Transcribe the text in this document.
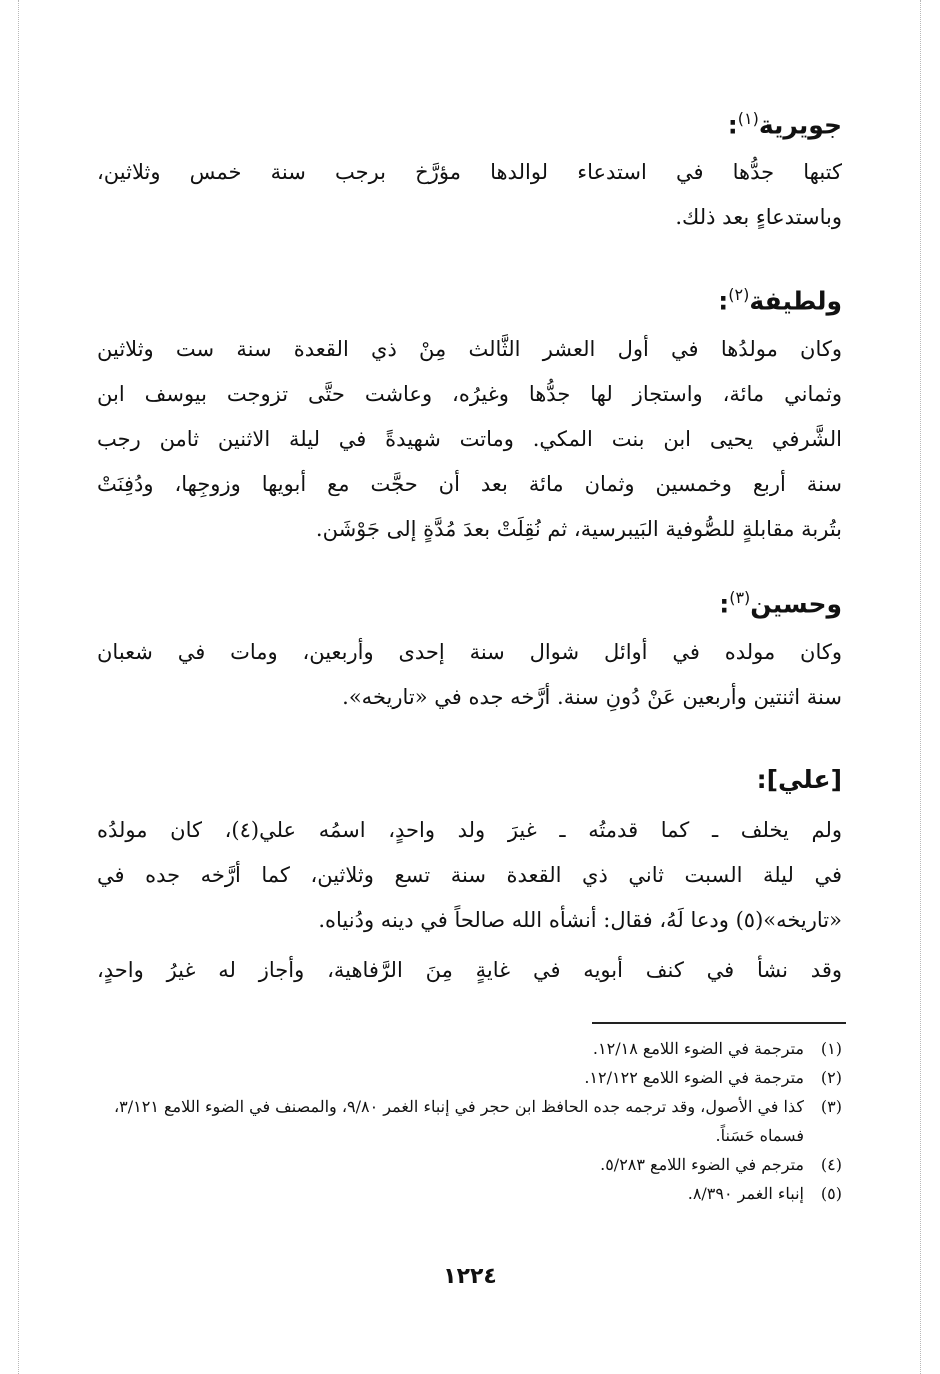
جويرية$^{(١)}$:
كتبها جدُّها في استدعاء لوالدها مؤرَّخ برجب سنة خمس وثلاثين،
وباستدعاءٍ بعد ذلك.
ولطيفة$^{(٢)}$:
وكان مولدُها في أول العشر الثَّالث مِنْ ذي القعدة سنة ست وثلاثين
وثماني مائة، واستجاز لها جدُّها وغيرُه، وعاشت حتَّى تزوجت بيوسف ابن
الشَّرفي يحيى ابن بنت المكي. وماتت شهيدةً في ليلة الاثنين ثامن رجب
سنة أربع وخمسين وثمان مائة بعد أن حجَّت مع أبويها وزوجِها، ودُفِنَتْ
بتُربة مقابلةٍ للصُّوفية البَيبرسية، ثم نُقِلَتْ بعدَ مُدَّةٍ إلى جَوْشَن.
وحسين$^{(٣)}$:
وكان مولده في أوائل شوال سنة إحدى وأربعين، ومات في شعبان
سنة اثنتين وأربعين عَنْ دُونِ سنة. أرَّخه جده في «تاريخه».
[علي]:
ولم يخلف ـ كما قدمتُه ـ غيرَ ولد واحدٍ، اسمُه علي(٤)، كان مولدُه
في ليلة السبت ثاني ذي القعدة سنة تسع وثلاثين، كما أرَّخه جده في
«تاريخه»(٥) ودعا لَهُ، فقال: أنشأه الله صالحاً في دينه ودُنياه.
وقد نشأ في كنف أبويه في غايةٍ مِنَ الرَّفاهية، وأجاز له غيرُ واحدٍ،
(١)
مترجمة في الضوء اللامع ١٢/١٨.
(٢)
مترجمة في الضوء اللامع ١٢/١٢٢.
(٣)
كذا في الأصول، وقد ترجمه جده الحافظ ابن حجر في إنباء الغمر ٩/٨٠، والمصنف في الضوء اللامع ٣/١٢١، فسماه حَسَناً.
(٤)
مترجم في الضوء اللامع ٥/٢٨٣.
(٥)
إنباء الغمر ٨/٣٩٠.
١٢٢٤
